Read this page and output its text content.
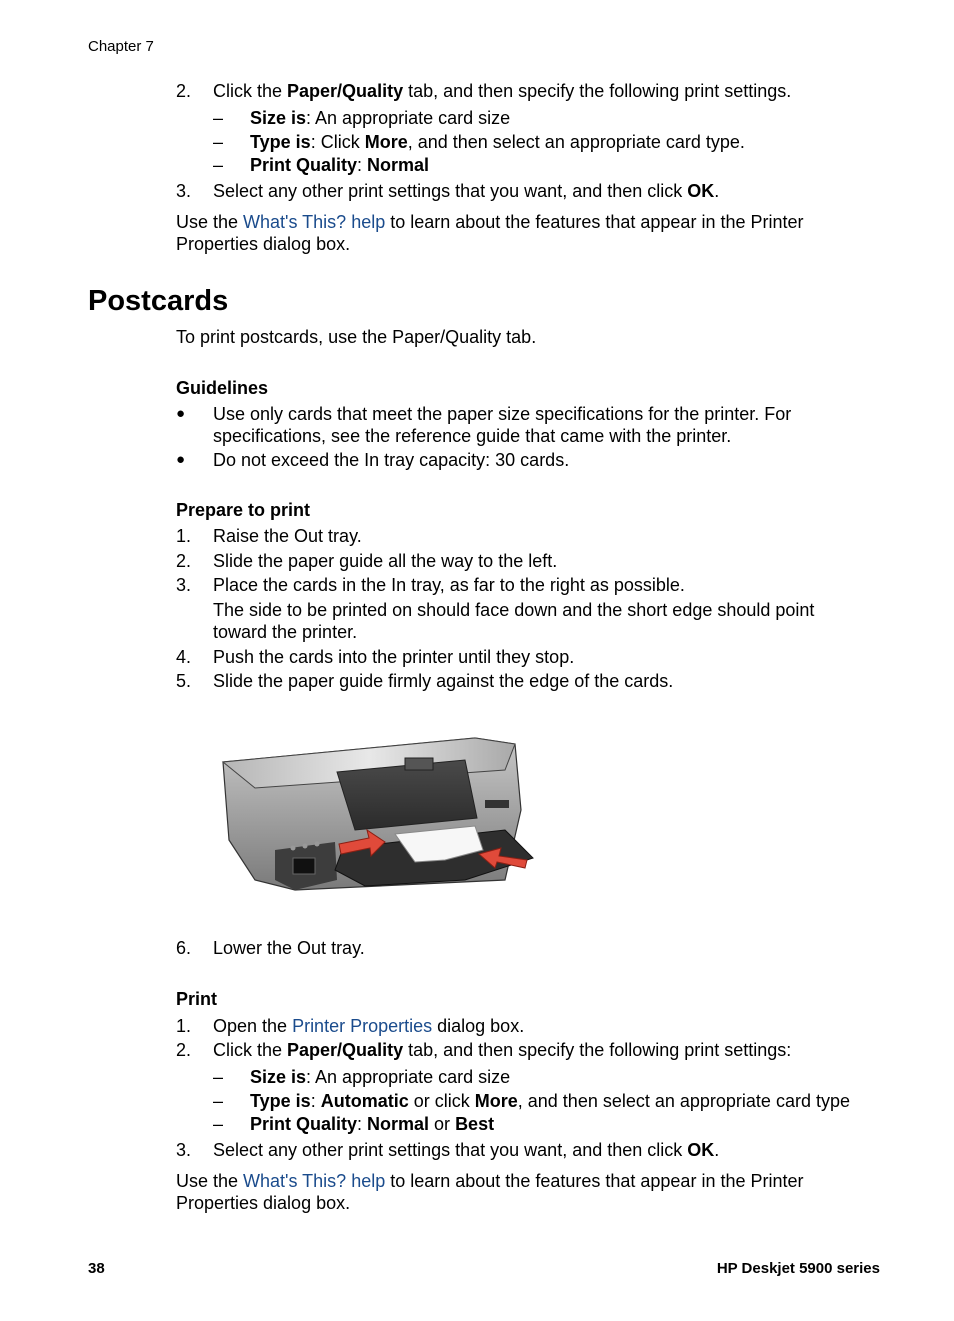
Chapter 7
2.	Click the Paper/Quality tab, and then specify the following print settings.
– Size is: An appropriate card size
– Type is: Click More, and then select an appropriate card type.
– Print Quality: Normal
3.	Select any other print settings that you want, and then click OK.
Use the What's This? help to learn about the features that appear in the Printer
Properties dialog box.
Postcards
To print postcards, use the Paper/Quality tab.
Guidelines
● Use only cards that meet the paper size specifications for the printer. For
specifications, see the reference guide that came with the printer.
● Do not exceed the In tray capacity: 30 cards.
Prepare to print
1.	Raise the Out tray.
2.	Slide the paper guide all the way to the left.
3.	Place the cards in the In tray, as far to the right as possible.
The side to be printed on should face down and the short edge should point
toward the printer.
4.	Push the cards into the printer until they stop.
5.	Slide the paper guide firmly against the edge of the cards.
6.	Lower the Out tray.
Print
1.	Open the Printer Properties dialog box.
2.	Click the Paper/Quality tab, and then specify the following print settings:
– Size is: An appropriate card size
– Type is: Automatic or click More, and then select an appropriate card type
– Print Quality: Normal or Best
3.	Select any other print settings that you want, and then click OK.
Use the What's This? help to learn about the features that appear in the Printer
Properties dialog box.
38	HP Deskjet 5900 series
